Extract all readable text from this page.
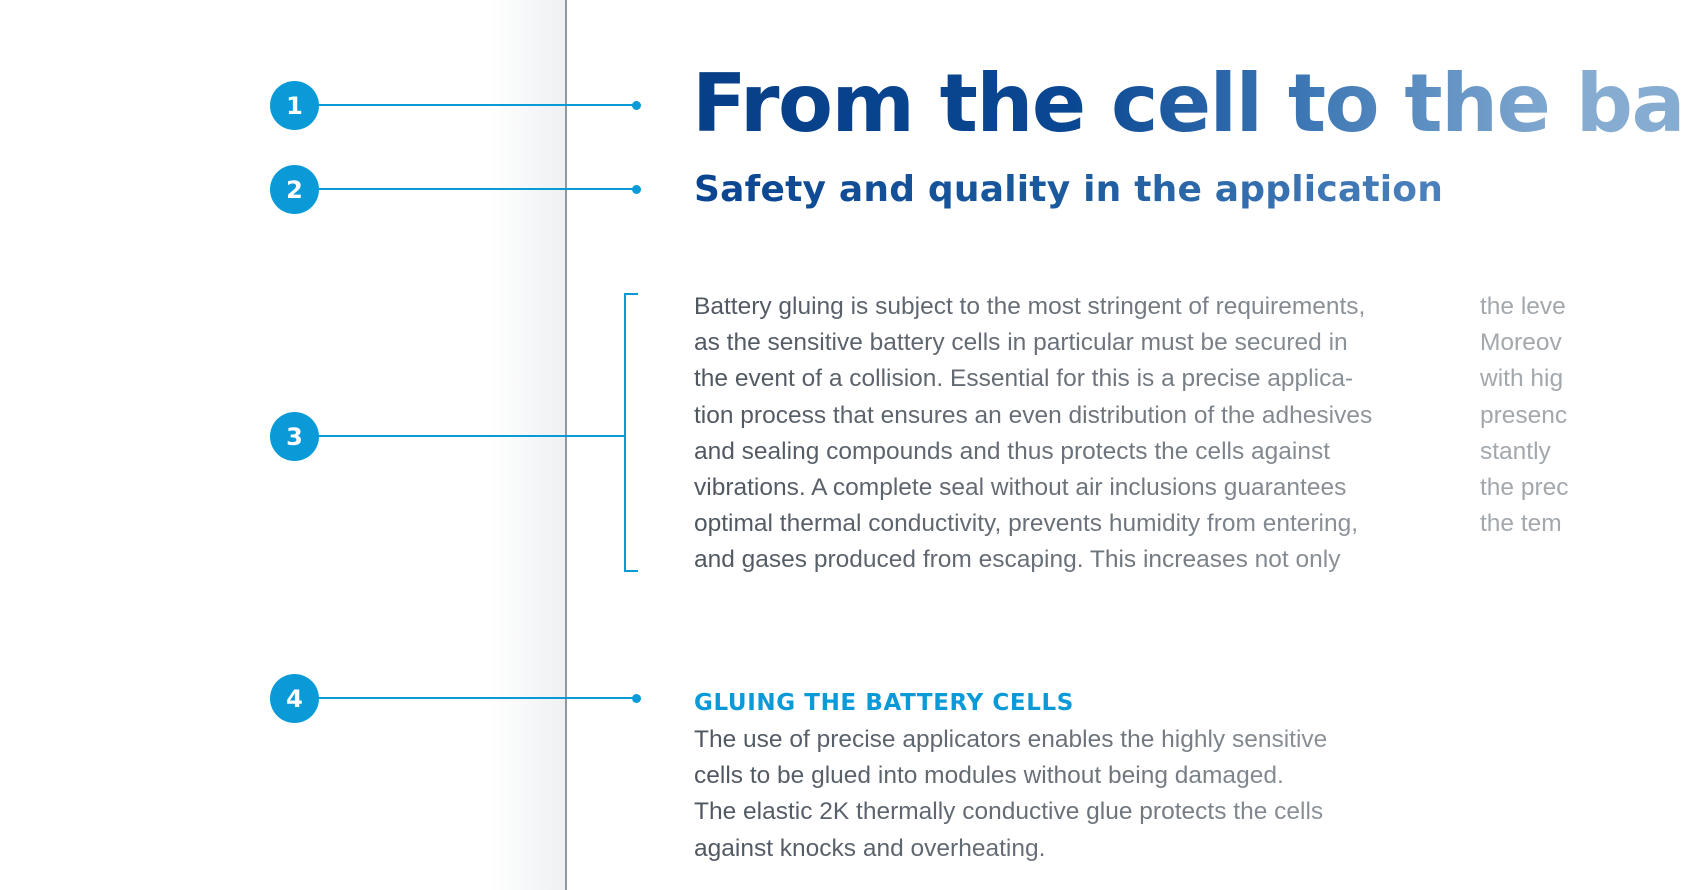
1
2
3
4
From the cell to the ba
Safety and quality in the application
Battery gluing is subject to the most stringent of requirements,
as the sensitive battery cells in particular must be secured in
the event of a collision. Essential for this is a precise applica-
tion process that ensures an even distribution of the adhesives
and sealing compounds and thus protects the cells against
vibrations. A complete seal without air inclusions guarantees
optimal thermal conductivity, prevents humidity from entering,
and gases produced from escaping. This increases not only
the leve
Moreov
with hig
presenc
stantly
the prec
the tem
GLUING THE BATTERY CELLS
The use of precise applicators enables the highly sensitive
cells to be glued into modules without being damaged.
The elastic 2K thermally conductive glue protects the cells
against knocks and overheating.
